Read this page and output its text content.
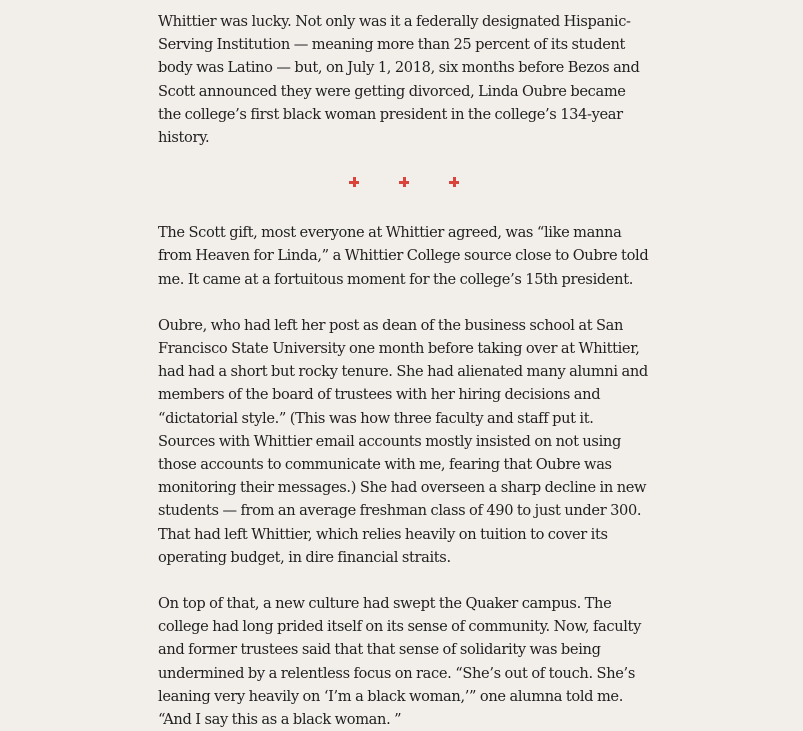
Whittier was lucky. Not only was it a federally designated Hispanic-Serving Institution — meaning more than 25 percent of its student body was Latino — but, on July 1, 2018, six months before Bezos and Scott announced they were getting divorced, Linda Oubre became the college’s first black woman president in the college’s 134-year history.

The Scott gift, most everyone at Whittier agreed, was “like manna from Heaven for Linda,” a Whittier College source close to Oubre told me. It came at a fortuitous moment for the college’s 15th president.

Oubre, who had left her post as dean of the business school at San Francisco State University one month before taking over at Whittier, had had a short but rocky tenure. She had alienated many alumni and members of the board of trustees with her hiring decisions and “dictatorial style.” (This was how three faculty and staff put it. Sources with Whittier email accounts mostly insisted on not using those accounts to communicate with me, fearing that Oubre was monitoring their messages.) She had overseen a sharp decline in new students — from an average freshman class of 490 to just under 300. That had left Whittier, which relies heavily on tuition to cover its operating budget, in dire financial straits.

On top of that, a new culture had swept the Quaker campus. The college had long prided itself on its sense of community. Now, faculty and former trustees said that that sense of solidarity was being undermined by a relentless focus on race. “She’s out of touch. She’s leaning very heavily on ‘I’m a black woman,’” one alumna told me. “And I say this as a black woman. ”
